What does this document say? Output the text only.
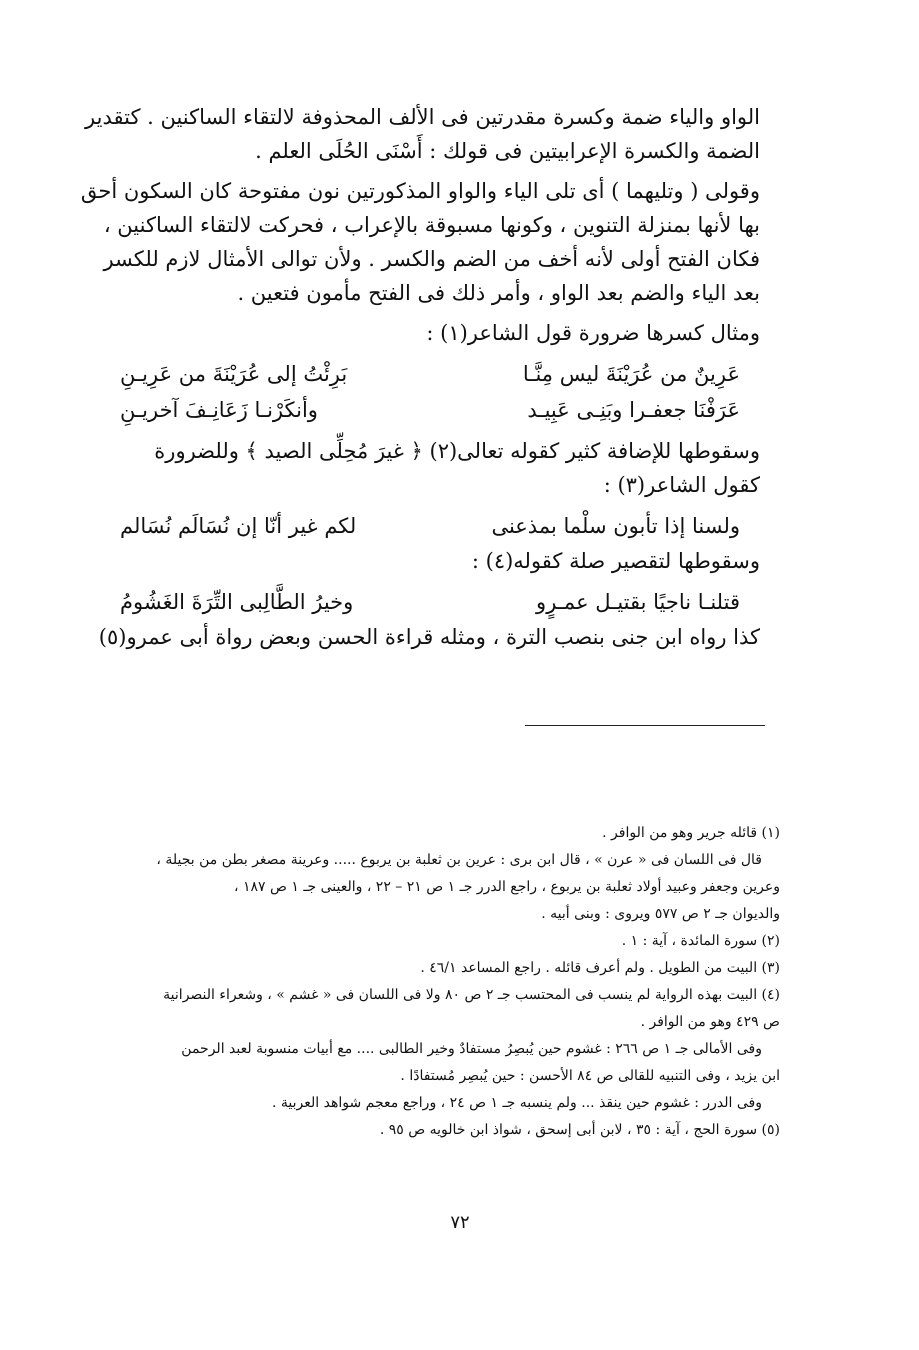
الواو والياء ضمة وكسرة مقدرتين فى الألف المحذوفة لالتقاء الساكنين . كتقدير
الضمة والكسرة الإعرابيتين فى قولك : أَسْنَى الحُلَى العلم .
وقولى ( وتليهما ) أى تلى الياء والواو المذكورتين نون مفتوحة كان السكون أحق
بها لأنها بمنزلة التنوين ، وكونها مسبوقة بالإعراب ، فحركت لالتقاء الساكنين ،
فكان الفتح أولى لأنه أخف من الضم والكسر . ولأن توالى الأمثال لازم للكسر
بعد الياء والضم بعد الواو ، وأمر ذلك فى الفتح مأمون فتعين .
ومثال كسرها ضرورة قول الشاعر(١) :
عَرِينٌ من عُرَيْنَةَ ليس مِنَّـا
بَرِئْتُ إلى عُرَيْنَةَ من عَرِيـنِ
عَرَفْنَا جعفـرا وبَنِـى عَبِيـد
وأنكَرْنـا زَعَانِـفَ آخريـنِ
وسقوطها للإضافة كثير كقوله تعالى(٢) ﴿ غيرَ مُحِلِّى الصيد ﴾ وللضرورة
كقول الشاعر(٣) :
ولسنا إذا تأبون سلْما بمذعنى
لكم غير أنّا إن نُسَالَم نُسَالم
وسقوطها لتقصير صلة كقوله(٤) :
قتلنـا ناجيًا بقتيـل عمـرٍو
وخيرُ الطَّالِبى التِّرَةَ الغَشُومُ
كذا رواه ابن جنى بنصب الترة ، ومثله قراءة الحسن وبعض رواة أبى عمرو(٥)
(١) قائله جرير وهو من الوافر .
قال فى اللسان فى « عرن » ، قال ابن برى : عرين بن ثعلبة بن يربوع ..... وعرينة مصغر بطن من بجيلة ،
وعرين وجعفر وعبيد أولاد ثعلبة بن يربوع ، راجع الدرر جـ ١ ص ٢١ – ٢٢ ، والعينى جـ ١ ص ١٨٧ ،
والديوان جـ ٢ ص ٥٧٧ ويروى : وبنى أبيه .
(٢) سورة المائدة ، آية : ١ .
(٣) البيت من الطويل . ولم أعرف قائله . راجع المساعد ٤٦/١ .
(٤) البيت بهذه الرواية لم ينسب فى المحتسب جـ ٢ ص ٨٠ ولا فى اللسان فى « غشم » ، وشعراء النصرانية
ص ٤٢٩ وهو من الوافر .
وفى الأمالى جـ ١ ص ٢٦٦ : غشوم حين يُبصِرُ مستفادٌ وخير الطالبى .... مع أبيات منسوبة لعبد الرحمن
ابن يزيد ، وفى التنبيه للقالى ص ٨٤ الأحسن : حين يُبصِر مُستفادًا .
وفى الدرر : غشوم حين ينقذ ... ولم ينسبه جـ ١ ص ٢٤ ، وراجع معجم شواهد العربية .
(٥) سورة الحج ، آية : ٣٥ ، لابن أبى إسحق ، شواذ ابن خالويه ص ٩٥ .
٧٢
